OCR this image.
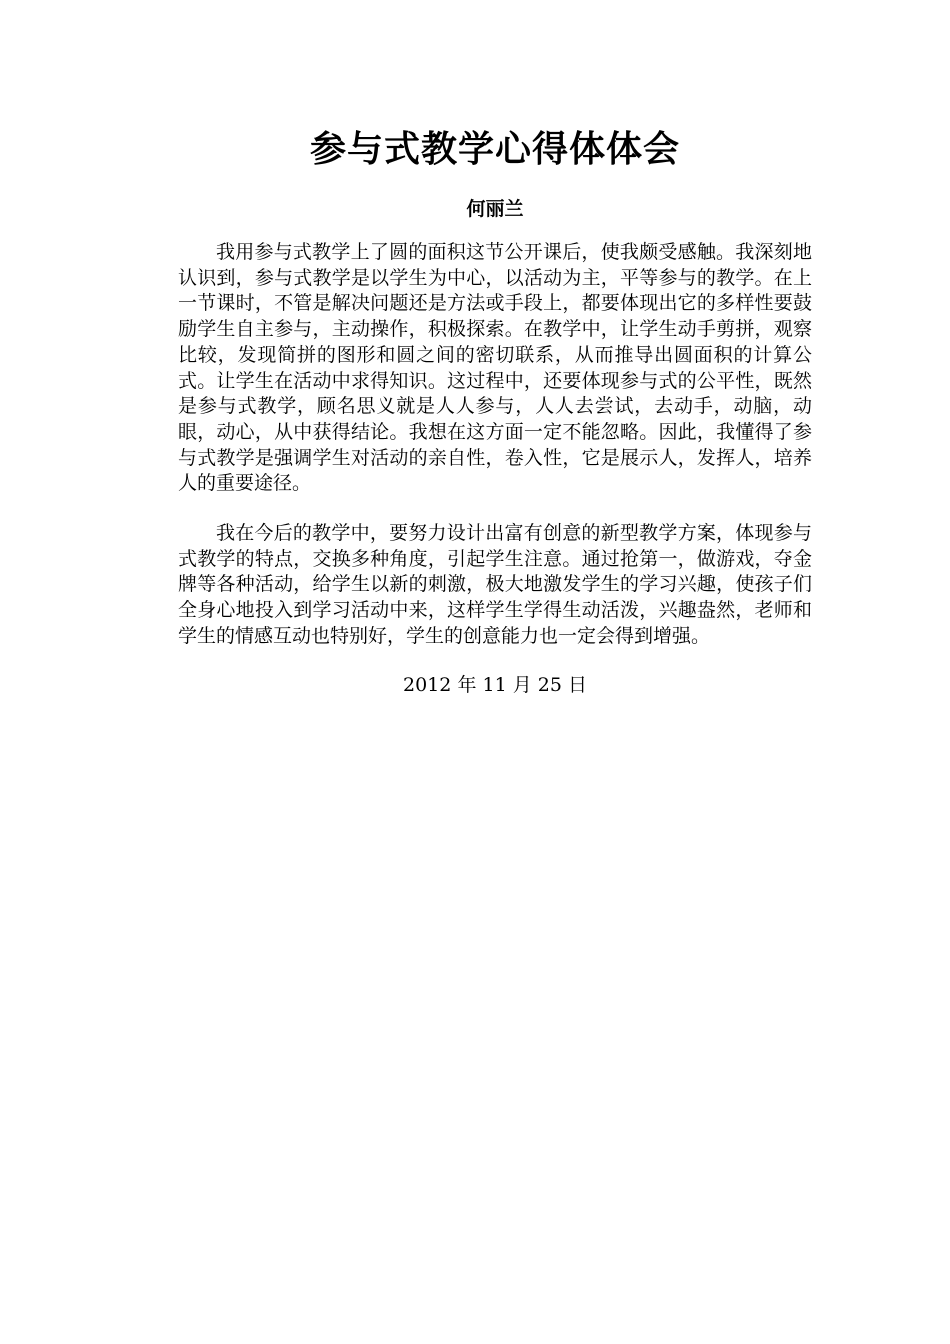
参与式教学心得体体会

何丽兰

我用参与式教学上了圆的面积这节公开课后，使我颇受感触。我深刻地认识到，参与式教学是以学生为中心，以活动为主，平等参与的教学。在上一节课时，不管是解决问题还是方法或手段上，都要体现出它的多样性要鼓励学生自主参与，主动操作，积极探索。在教学中，让学生动手剪拼，观察比较，发现简拼的图形和圆之间的密切联系，从而推导出圆面积的计算公式。让学生在活动中求得知识。这过程中，还要体现参与式的公平性，既然是参与式教学，顾名思义就是人人参与，人人去尝试，去动手，动脑，动眼，动心，从中获得结论。我想在这方面一定不能忽略。因此，我懂得了参与式教学是强调学生对活动的亲自性，卷入性，它是展示人，发挥人，培养人的重要途径。

我在今后的教学中，要努力设计出富有创意的新型教学方案，体现参与式教学的特点，交换多种角度，引起学生注意。通过抢第一，做游戏，夺金牌等各种活动，给学生以新的刺激，极大地激发学生的学习兴趣，使孩子们全身心地投入到学习活动中来，这样学生学得生动活泼，兴趣盎然，老师和学生的情感互动也特别好，学生的创意能力也一定会得到增强。

2012 年 11 月 25 日
